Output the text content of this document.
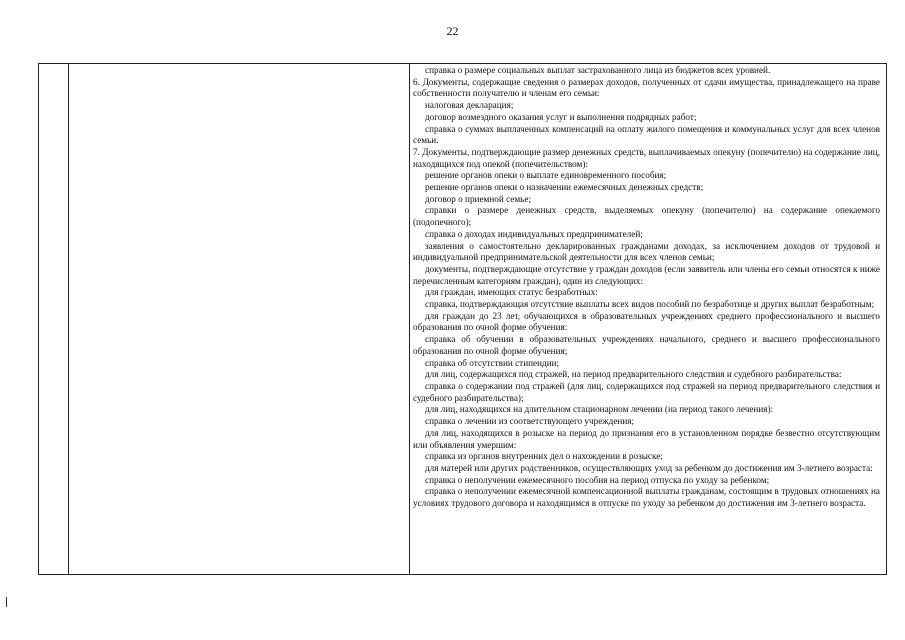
22

справка о размере социальных выплат застрахованного лица из бюджетов всех уровней.

6. Документы, содержащие сведения о размерах доходов, полученных от сдачи имущества, принадлежащего на праве собственности получателю и членам его семьи:

налоговая декларация;

договор возмездного оказания услуг и выполнения подрядных работ;

справка о суммах выплаченных компенсаций на оплату жилого помещения и коммунальных услуг для всех членов семьи.

7. Документы, подтверждающие размер денежных средств, выплачиваемых опекуну (попечителю) на содержание лиц, находящихся под опекой (попечительством):

решение органов опеки о выплате единовременного пособия;

решение органов опеки о назначении ежемесячных денежных средств;

договор о приемной семье;

справки о размере денежных средств, выделяемых опекуну (попечителю) на содержание опекаемого (подопечного);

справка о доходах индивидуальных предпринимателей;

заявления о самостоятельно декларированных гражданами доходах, за исключением доходов от трудовой и индивидуальной предпринимательской деятельности для всех членов семьи;

документы, подтверждающие отсутствие у граждан доходов (если заявитель или члены его семьи относятся к ниже перечисленным категориям граждан), один из следующих:

для граждан, имеющих статус безработных:

справка, подтверждающая отсутствие выплаты всех видов пособий по безработице и других выплат безработным;

для граждан до 23 лет, обучающихся в образовательных учреждениях среднего профессионального и высшего образования по очной форме обучения:

справка об обучении в образовательных учреждениях начального, среднего и высшего профессионального образования по очной форме обучения;

справка об отсутствии стипендии;

для лиц, содержащихся под стражей, на период предварительного следствия и судебного разбирательства:

справка о содержании под стражей (для лиц, содержащихся под стражей на период предварительного следствия и судебного разбирательства);

для лиц, находящихся на длительном стационарном лечении (на период такого лечения):

справка о лечении из соответствующего учреждения;

для лиц, находящихся в розыске на период до признания его в установленном порядке безвестно отсутствующим или объявления умершим:

справка из органов внутренних дел о нахождении в розыске;

для матерей или других родственников, осуществляющих уход за ребенком до достижения им 3-летнего возраста:

справка о неполучении ежемесячного пособия на период отпуска по уходу за ребенком;

справка о неполучении ежемесячной компенсационной выплаты гражданам, состоящим в трудовых отношениях на условиях трудового договора и находящимся в отпуске по уходу за ребенком до достижения им 3-летнего возраста.
